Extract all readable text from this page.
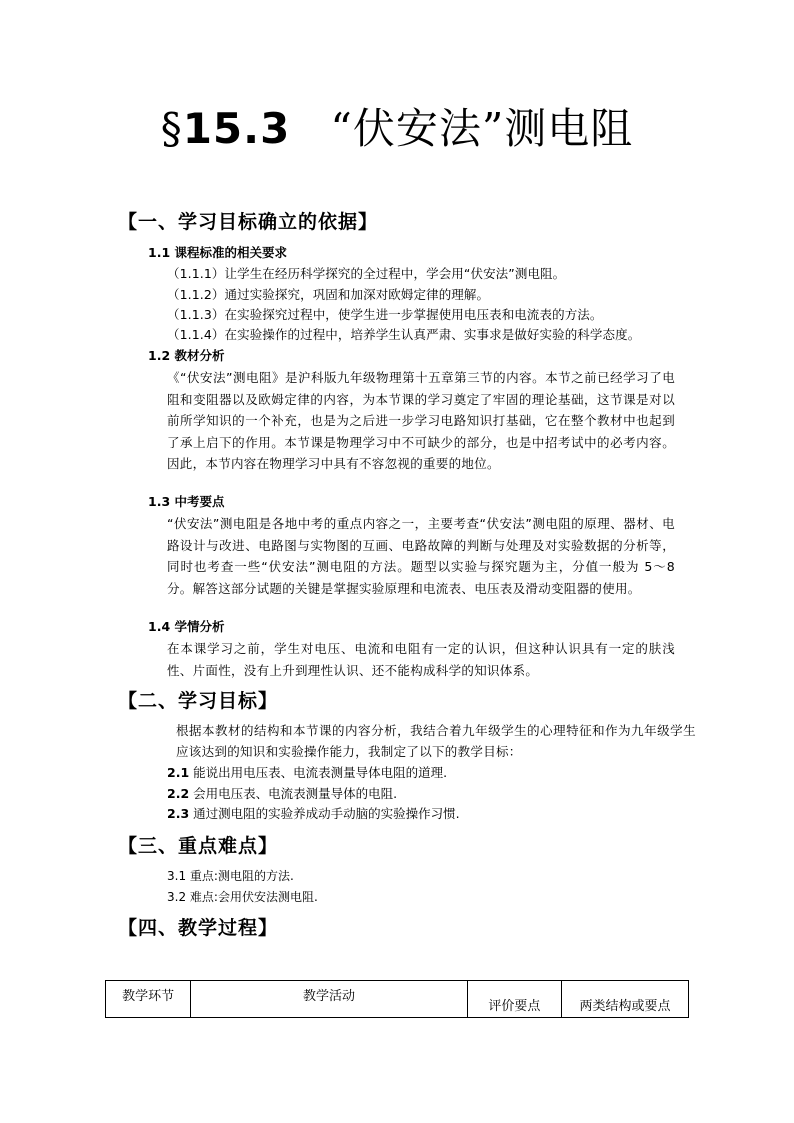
§15.3 “伏安法”测电阻
【一、学习目标确立的依据】
1.1 课程标准的相关要求
（1.1.1）让学生在经历科学探究的全过程中，学会用“伏安法”测电阻。
（1.1.2）通过实验探究，巩固和加深对欧姆定律的理解。
（1.1.3）在实验探究过程中，使学生进一步掌握使用电压表和电流表的方法。
（1.1.4）在实验操作的过程中，培养学生认真严肃、实事求是做好实验的科学态度。
1.2 教材分析
《“伏安法”测电阻》是沪科版九年级物理第十五章第三节的内容。本节之前已经学习了电阻和变阻器以及欧姆定律的内容，为本节课的学习奠定了牢固的理论基础，这节课是对以前所学知识的一个补充，也是为之后进一步学习电路知识打基础，它在整个教材中也起到了承上启下的作用。本节课是物理学习中不可缺少的部分，也是中招考试中的必考内容。因此，本节内容在物理学习中具有不容忽视的重要的地位。
1.3 中考要点
“伏安法”测电阻是各地中考的重点内容之一，主要考查“伏安法”测电阻的原理、器材、电路设计与改进、电路图与实物图的互画、电路故障的判断与处理及对实验数据的分析等，同时也考查一些“伏安法”测电阻的方法。题型以实验与探究题为主，分值一般为 5～8 分。解答这部分试题的关键是掌握实验原理和电流表、电压表及滑动变阻器的使用。
1.4 学情分析
在本课学习之前，学生对电压、电流和电阻有一定的认识，但这种认识具有一定的肤浅性、片面性，没有上升到理性认识、还不能构成科学的知识体系。
【二、学习目标】
根据本教材的结构和本节课的内容分析，我结合着九年级学生的心理特征和作为九年级学生应该达到的知识和实验操作能力，我制定了以下的教学目标：
2.1 能说出用电压表、电流表测量导体电阻的道理.
2.2 会用电压表、电流表测量导体的电阻.
2.3 通过测电阻的实验养成动手动脑的实验操作习惯.
【三、重点难点】
3.1 重点:测电阻的方法.
3.2 难点:会用伏安法测电阻.
【四、教学过程】
教学环节	教学活动	评价要点	两类结构或要点
